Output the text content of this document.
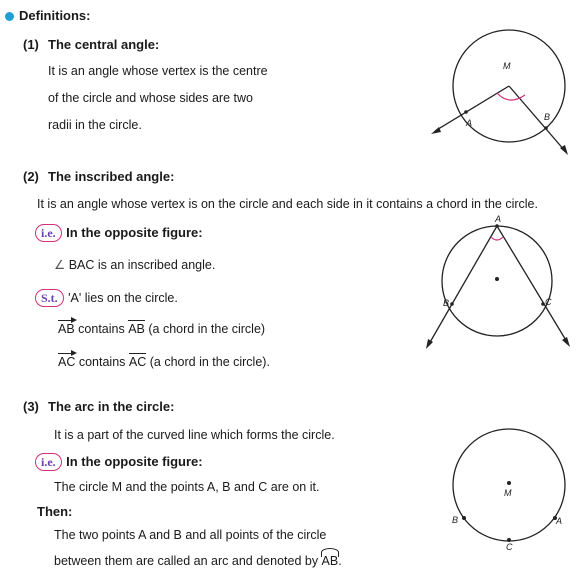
Definitions:
(1) The central angle:
It is an angle whose vertex is the centre
of the circle and whose sides are two
radii in the circle.
M
A
B
(2) The inscribed angle:
It is an angle whose vertex is on the circle and each side in it contains a chord in the circle.
i.e. In the opposite figure:
∠ BAC is an inscribed angle.
S.t. 'A' lies on the circle.
AB contains AB (a chord in the circle)
AC contains AC (a chord in the circle).
A
B	C
(3) The arc in the circle:
It is a part of the curved line which forms the circle.
i.e. In the opposite figure:
The circle M and the points A, B and C are on it.
Then:
The two points A and B and all points of the circle
between them are called an arc and denoted by AB.
M
B	A
C
